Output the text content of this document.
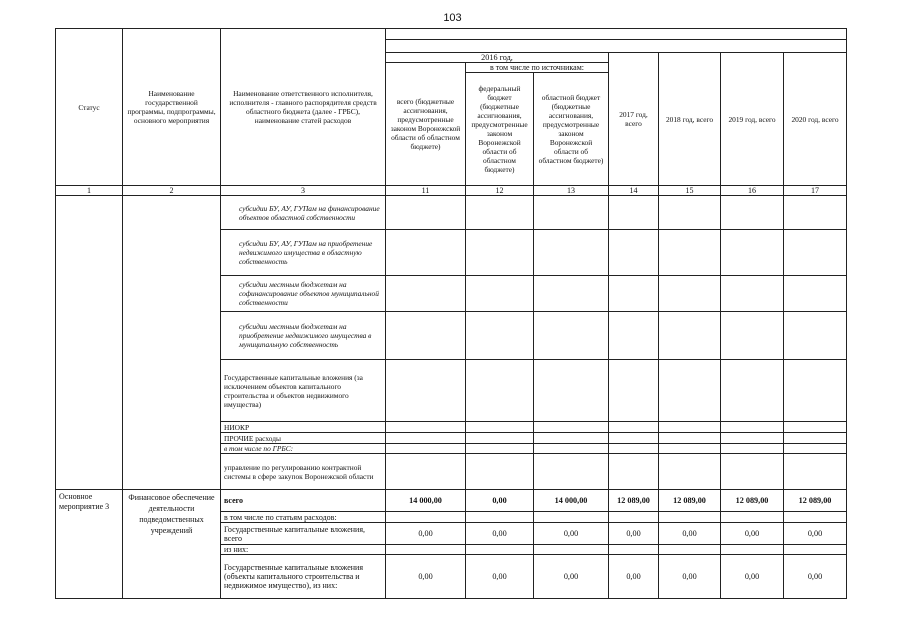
103
Статус	Наименование государственной программы, подпрограммы, основного мероприятия	Наименование ответственного исполнителя, исполнителя - главного распорядителя средств областного бюджета (далее - ГРБС), наименование статей расходов							

			2016 год,			2017 год, всего	2018 год, всего	2019 год, всего	2020 год, всего
			всего (бюджетные ассигнования, предусмотренные законом Воронежской области об областном бюджете)	в том числе по источникам:					
				федеральный бюджет (бюджетные ассигнования, предусмотренные законом Воронежской области об областном бюджете)	областной бюджет (бюджетные ассигнования, предусмотренные законом Воронежской области об областном бюджете)				
1	2	3	11	12	13	14	15	16	17
		субсидии БУ, АУ, ГУПам на финансирование объектов областной собственности							
		субсидии БУ, АУ, ГУПам на приобретение недвижимого имущества в областную собственность							
		субсидии местным бюджетам на софинансирование объектов муниципальной собственности							
		субсидии местным бюджетам на приобретение недвижимого имущества в муниципальную собственность							
		Государственные капитальные вложения (за исключением объектов капитального строительства и объектов недвижимого имущества)							
		НИОКР							
		ПРОЧИЕ расходы							
		в том числе по ГРБС:							
		управление по регулированию контрактной системы в сфере закупок Воронежской области							
Основное мероприятие 3	Финансовое обеспечение деятельности подведомственных учреждений	всего	14 000,00	0,00	14 000,00	12 089,00	12 089,00	12 089,00	12 089,00
		в том числе по статьям расходов:							
		Государственные капитальные вложения, всего	0,00	0,00	0,00	0,00	0,00	0,00	0,00
		из них:							
		Государственные капитальные вложения (объекты капитального строительства и недвижимое имущество), из них:	0,00	0,00	0,00	0,00	0,00	0,00	0,00
